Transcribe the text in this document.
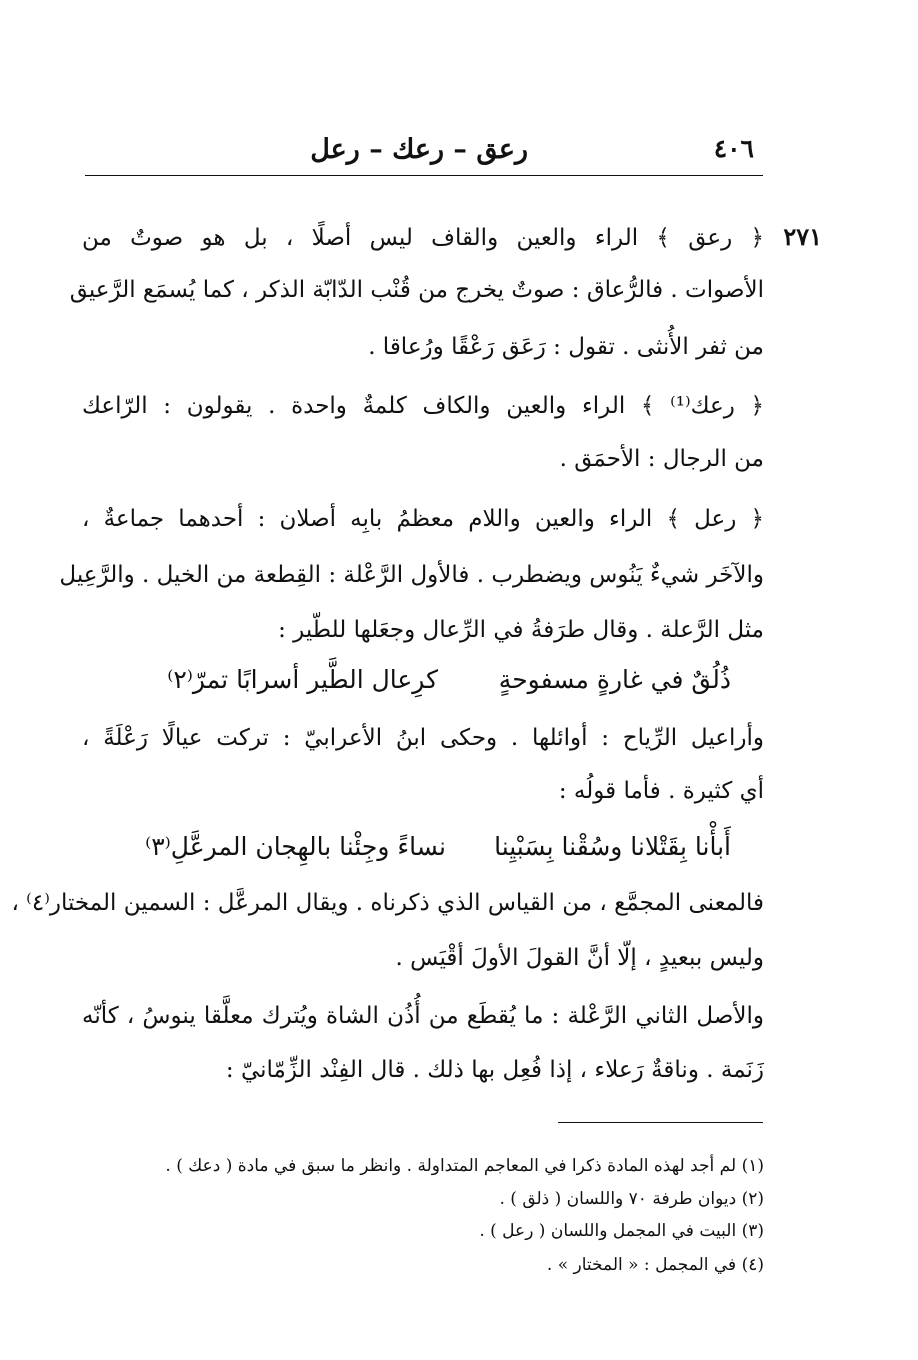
٤٠٦
رعق – رعك – رعل
٢٧١
﴿ رعق ﴾ الراء والعين والقاف ليس أصلًا ، بل هو صوتٌ من
الأصوات . فالرُّعاق : صوتٌ يخرج من قُنْب الدّابّة الذكر ، كما يُسمَع الرَّعيق
من ثفر الأُنثى . تقول : رَعَق رَعْقًا ورُعاقا .
﴿ رعك⁽¹⁾ ﴾ الراء والعين والكاف كلمةٌ واحدة . يقولون : الرّاعك
من الرجال : الأحمَق .
﴿ رعل ﴾ الراء والعين واللام معظمُ بابِه أصلان : أحدهما جماعةٌ ،
والآخَر شيءٌ يَنُوس ويضطرب . فالأول الرَّعْلة : القِطعة من الخيل . والرَّعِيل
مثل الرَّعلة . وقال طرَفةُ في الرِّعال وجعَلها للطّير :
ذُلُقٌ في غارةٍ مسفوحةٍ
كرِعال الطَّير أسرابًا تمرّ⁽٢⁾
وأراعيل الرِّياح : أوائلها . وحكى ابنُ الأعرابيّ : تركت عيالًا رَعْلَةً ،
أي كثيرة . فأما قولُه :
أَبأْنا بِقَتْلانا وسُقْنا بِسَبْيِنا
نساءً وجِئْنا بالهِجان المرعَّلِ⁽٣⁾
فالمعنى المجمَّع ، من القياس الذي ذكرناه . ويقال المرعَّل : السمين المختار⁽٤⁾ ،
وليس ببعيدٍ ، إلّا أنَّ القولَ الأولَ أقْيَس .
والأصل الثاني الرَّعْلة : ما يُقطَع من أُذُن الشاة ويُترك معلَّقا ينوسُ ، كأنّه
زَنَمة . وناقةٌ رَعلاء ، إذا فُعِل بها ذلك . قال الفِنْد الزِّمّانيّ :
(١) لم أجد لهذه المادة ذكرا في المعاجم المتداولة . وانظر ما سبق في مادة ( دعك ) .
(٢) ديوان طرفة ٧٠ واللسان ( ذلق ) .
(٣) البيت في المجمل واللسان ( رعل ) .
(٤) في المجمل : « المختار » .
